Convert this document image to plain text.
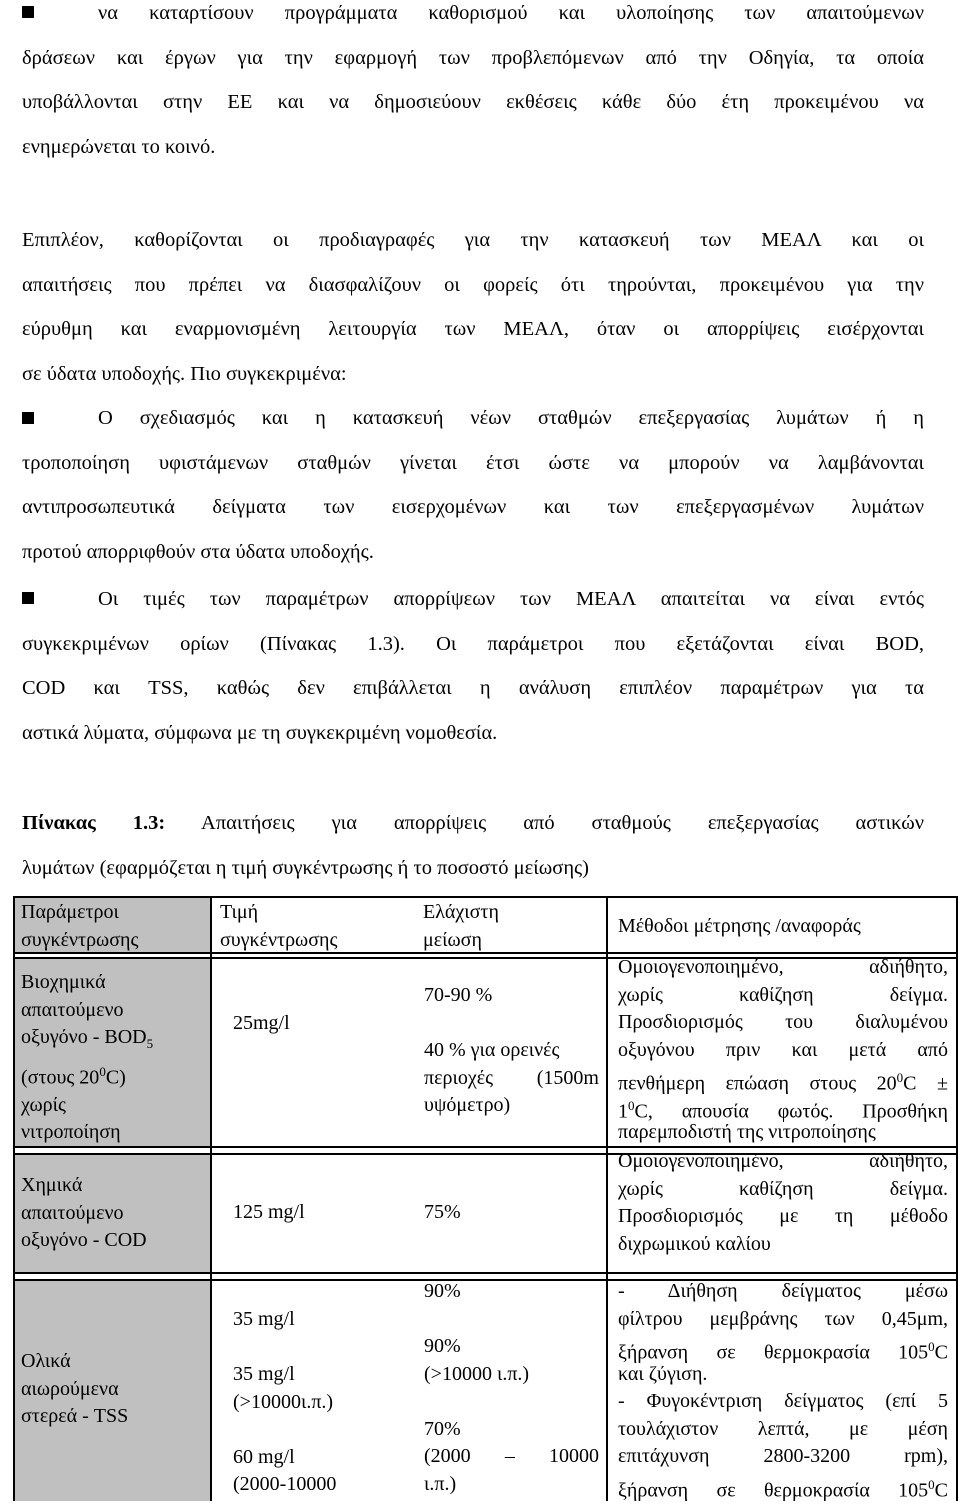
να καταρτίσουν προγράμματα καθορισμού και υλοποίησης των απαιτούμενων
δράσεων και έργων για την εφαρμογή των προβλεπόμενων από την Οδηγία, τα οποία
υποβάλλονται στην ΕΕ και να δημοσιεύουν εκθέσεις κάθε δύο έτη προκειμένου να
ενημερώνεται το κοινό.
Επιπλέον, καθορίζονται οι προδιαγραφές για την κατασκευή των ΜΕΑΛ και οι
απαιτήσεις που πρέπει να διασφαλίζουν οι φορείς ότι τηρούνται, προκειμένου για την
εύρυθμη και εναρμονισμένη λειτουργία των ΜΕΑΛ, όταν οι απορρίψεις εισέρχονται
σε ύδατα υποδοχής. Πιο συγκεκριμένα:
Ο σχεδιασμός και η κατασκευή νέων σταθμών επεξεργασίας λυμάτων ή η
τροποποίηση υφιστάμενων σταθμών γίνεται έτσι ώστε να μπορούν να λαμβάνονται
αντιπροσωπευτικά δείγματα των εισερχομένων και των επεξεργασμένων λυμάτων
προτού απορριφθούν στα ύδατα υποδοχής.
Οι τιμές των παραμέτρων απορρίψεων των ΜΕΑΛ απαιτείται να είναι εντός
συγκεκριμένων ορίων (Πίνακας 1.3). Οι παράμετροι που εξετάζονται είναι BOD,
COD και TSS, καθώς δεν επιβάλλεται η ανάλυση επιπλέον παραμέτρων για τα
αστικά λύματα, σύμφωνα με τη συγκεκριμένη νομοθεσία.
Πίνακας 1.3: Απαιτήσεις για απορρίψεις από σταθμούς επεξεργασίας αστικών
λυμάτων (εφαρμόζεται η τιμή συγκέντρωσης ή το ποσοστό μείωσης)
Παράμετροι
συγκέντρωσης
Τιμή
συγκέντρωσης
Ελάχιστη
μείωση
Μέθοδοι μέτρησης /αναφοράς
Βιοχημικά
απαιτούμενο
οξυγόνο - $BOD_5$
(στους $20^0C$)
χωρίς
νιτροποίηση
25mg/l
70-90 %
40 % για ορεινές
περιοχές (1500m
υψόμετρο)
Ομοιογενοποιημένο, αδιήθητο,
χωρίς καθίζηση δείγμα.
Προσδιορισμός του διαλυμένου
οξυγόνου πριν και μετά από
πενθήμερη επώαση στους $20^0C$ ±
$1^0C$, απουσία φωτός. Προσθήκη
παρεμποδιστή της νιτροποίησης
Χημικά
απαιτούμενο
οξυγόνο - COD
125 mg/l	75%
Ομοιογενοποιημένο, αδιήθητο,
χωρίς καθίζηση δείγμα.
Προσδιορισμός με τη μέθοδο
διχρωμικού καλίου
Ολικά
αιωρούμενα
στερεά - TSS
35 mg/l
35 mg/l
(>10000ι.π.)
60 mg/l
(2000-10000
90%
90%
(>10000 ι.π.)
70%
(2000 – 10000
ι.π.)
- Διήθηση δείγματος μέσω
φίλτρου μεμβράνης των 0,45μm,
ξήρανση σε θερμοκρασία $105^0C$
και ζύγιση.
- Φυγοκέντριση δείγματος (επί 5
τουλάχιστον λεπτά, με μέση
επιτάχυνση 2800-3200 rpm),
ξήρανση σε θερμοκρασία $105^0C$
